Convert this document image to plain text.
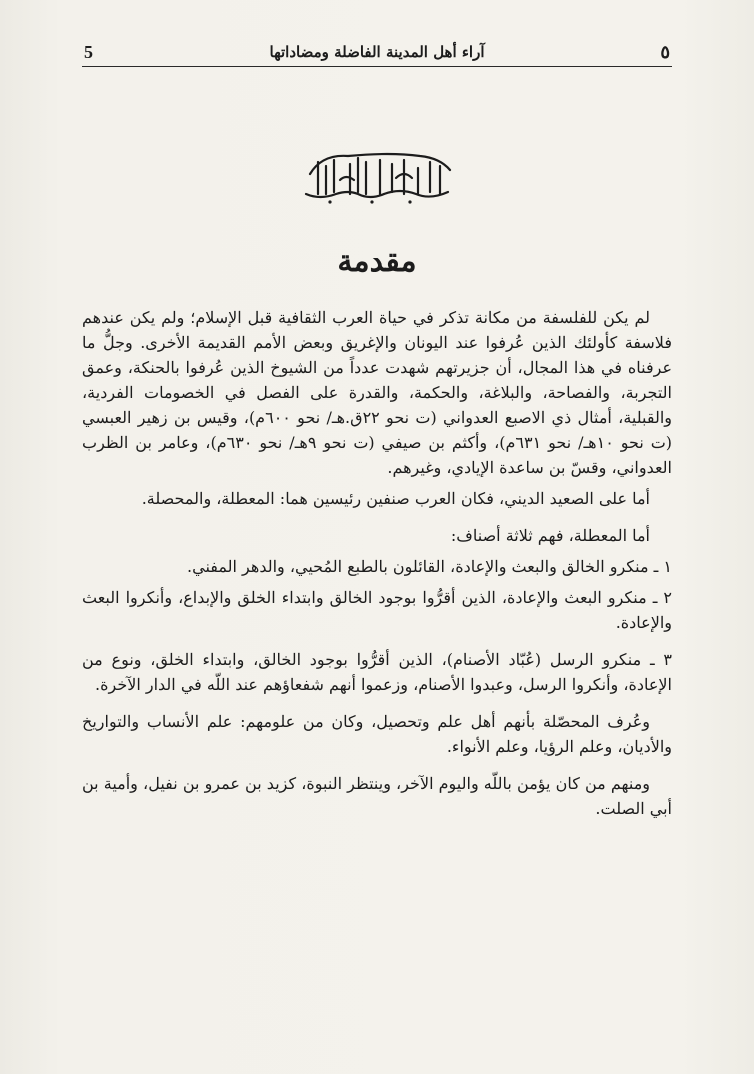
5	آراء أهل المدينة الفاضلة ومضاداتها	٥
مقدمة

لم يكن للفلسفة من مكانة تذكر في حياة العرب الثقافية قبل الإسلام؛ ولم يكن عندهم فلاسفة كأولئك الذين عُرفوا عند اليونان والإغريق وبعض الأمم القديمة الأخرى. وجلُّ ما عرفناه في هذا المجال، أن جزيرتهم شهدت عدداً من الشيوخ الذين عُرفوا بالحنكة، وعمق التجربة، والفصاحة، والبلاغة، والحكمة، والقدرة على الفصل في الخصومات الفردية، والقبلية، أمثال ذي الاصبع العدواني (ت نحو ٢٢ق.هـ/ نحو ٦٠٠م)، وقيس بن زهير العبسي (ت نحو ١٠هـ/ نحو ٦٣١م)، وأكثم بن صيفي (ت نحو ٩هـ/ نحو ٦٣٠م)، وعامر بن الظرب العدواني، وقسّ بن ساعدة الإيادي، وغيرهم.

أما على الصعيد الديني، فكان العرب صنفين رئيسين هما: المعطلة، والمحصلة.

أما المعطلة، فهم ثلاثة أصناف:

١ ـ منكرو الخالق والبعث والإعادة، القائلون بالطبع المُحيي، والدهر المفني.

٢ ـ منكرو البعث والإعادة، الذين أقرُّوا بوجود الخالق وابتداء الخلق والإبداع، وأنكروا البعث والإعادة.

٣ ـ منكرو الرسل (عُبّاد الأصنام)، الذين أقرُّوا بوجود الخالق، وابتداء الخلق، ونوع من الإعادة، وأنكروا الرسل، وعبدوا الأصنام، وزعموا أنهم شفعاؤهم عند اللّه في الدار الآخرة.

وعُرف المحصّلة بأنهم أهل علم وتحصيل، وكان من علومهم: علم الأنساب والتواريخ والأديان، وعلم الرؤيا، وعلم الأنواء.

ومنهم من كان يؤمن باللّه واليوم الآخر، وينتظر النبوة، كزيد بن عمرو بن نفيل، وأمية بن أبي الصلت.
